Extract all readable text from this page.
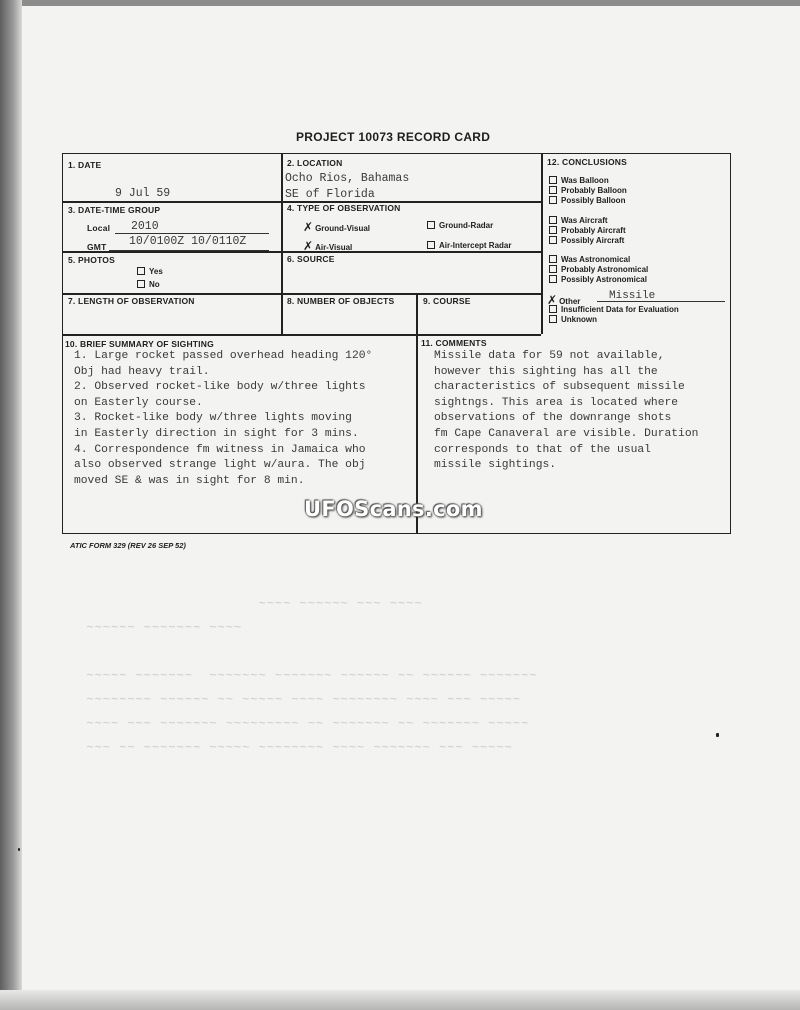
~~~~ ~~~~~~ ~~~ ~~~~
~~~~~~ ~~~~~~~ ~~~~

~~~~~ ~~~~~~~  ~~~~~~~ ~~~~~~~ ~~~~~~ ~~ ~~~~~~ ~~~~~~~
~~~~~~~~ ~~~~~~ ~~ ~~~~~ ~~~~ ~~~~~~~~ ~~~~ ~~~ ~~~~~
~~~~ ~~~ ~~~~~~~ ~~~~~~~~~ ~~ ~~~~~~~ ~~ ~~~~~~~ ~~~~~
~~~ ~~ ~~~~~~~ ~~~~~ ~~~~~~~~ ~~~~ ~~~~~~~ ~~~ ~~~~~

PROJECT 10073 RECORD CARD
1. DATE
9 Jul 59
2. LOCATION
Ocho Rios, Bahamas
SE of Florida
3. DATE-TIME GROUP
Local 2010
GMT 10/0100Z 10/0110Z
4. TYPE OF OBSERVATION
✗ Ground-Visual	Ground-Radar
✗ Air-Visual	Air-Intercept Radar
5. PHOTOS
Yes
No
6. SOURCE
7. LENGTH OF OBSERVATION	8. NUMBER OF OBJECTS	9. COURSE
10. BRIEF SUMMARY OF SIGHTING
1. Large rocket passed overhead heading 120°
Obj had heavy trail.
2. Observed rocket-like body w/three lights
on Easterly course.
3. Rocket-like body w/three lights moving
in Easterly direction in sight for 3 mins.
4. Correspondence fm witness in Jamaica who
also observed strange light w/aura. The obj
moved SE & was in sight for 8 min.
11. COMMENTS
Missile data for 59 not available,
however this sighting has all the
characteristics of subsequent missile
sightngs. This area is located where
observations of the downrange shots
fm Cape Canaveral are visible. Duration
corresponds to that of the usual
missile sightings.
12. CONCLUSIONS
Was Balloon
Probably Balloon
Possibly Balloon
Was Aircraft
Probably Aircraft
Possibly Aircraft
Was Astronomical
Probably Astronomical
Possibly Astronomical
✗ Other	Missile
Insufficient Data for Evaluation
Unknown
ATIC FORM 329 (REV 26 SEP 52)
UFOScans.com
